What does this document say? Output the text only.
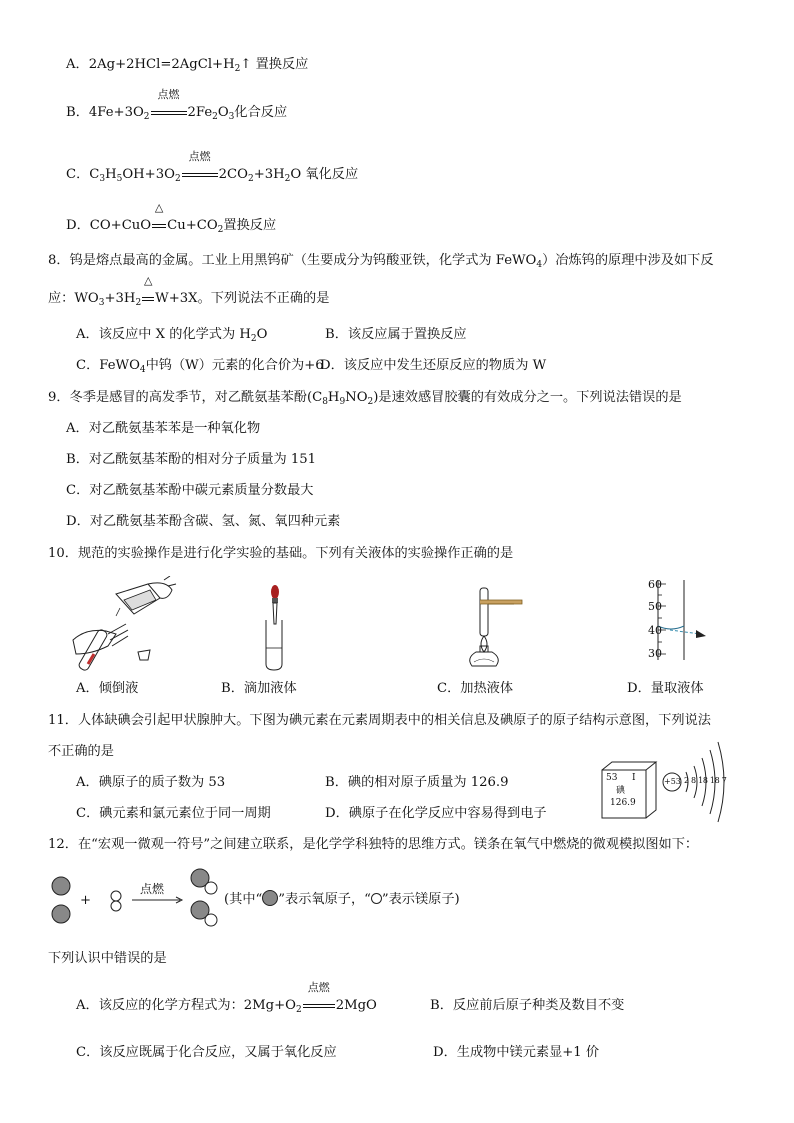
A．$2Ag+2HCl=2AgCl+H_2↑$ 置换反应
B．$4Fe+3O_2$
点燃
$2Fe_2O_3$化合反应
C．$C_3H_5OH+3O_2$
点燃
$2CO_2+3H_2O$ 氧化反应
D．CO+CuO
△
$Cu+CO_2$置换反应
8．钨是熔点最高的金属。工业上用黑钨矿（生要成分为钨酸亚铁，化学式为 FeWO$_4$）冶炼钨的原理中涉及如下反
应：$WO_3+3H_2$
△
W+3X。下列说法不正确的是
A．该反应中 X 的化学式为 $H_2O$	B．该反应属于置换反应
C．FeWO$_4$中钨（W）元素的化合价为+6
D．该反应中发生还原反应的物质为 W
9．冬季是感冒的高发季节，对乙酰氨基苯酚$(C_8H_9NO_2)$是速效感冒胶囊的有效成分之一。下列说法错误的是
A．对乙酰氨基苯苯是一种氧化物
B．对乙酰氨基苯酚的相对分子质量为 151
C．对乙酰氨基苯酚中碳元素质量分数最大
D．对乙酰氨基苯酚含碳、氢、氮、氧四种元素
10．规范的实验操作是进行化学实验的基础。下列有关液体的实验操作正确的是
60
50
40
30
A．倾倒液	B．滴加液体	C．加热液体	D．量取液体
11．人体缺碘会引起甲状腺肿大。下图为碘元素在元素周期表中的相关信息及碘原子的原子结构示意图，下列说法
不正确的是
A．碘原子的质子数为 53	B．碘的相对原子质量为 126.9
C．碘元素和氯元素位于同一周期	D．碘原子在化学反应中容易得到电子
53 I
碘
126.9
+53 2 8 18 18 7
12．在“宏观一微观一符号”之间建立联系，是化学学科独特的思维方式。镁条在氧气中燃烧的微观模拟图如下：
+
点燃
(其中“ ”表示氧原子，“ ”表示镁原子)
下列认识中错误的是
A．该反应的化学方程式为：$2Mg+O_2$
点燃
2MgO	B．反应前后原子种类及数目不变
C．该反应既属于化合反应，又属于氧化反应	D．生成物中镁元素显+1 价
